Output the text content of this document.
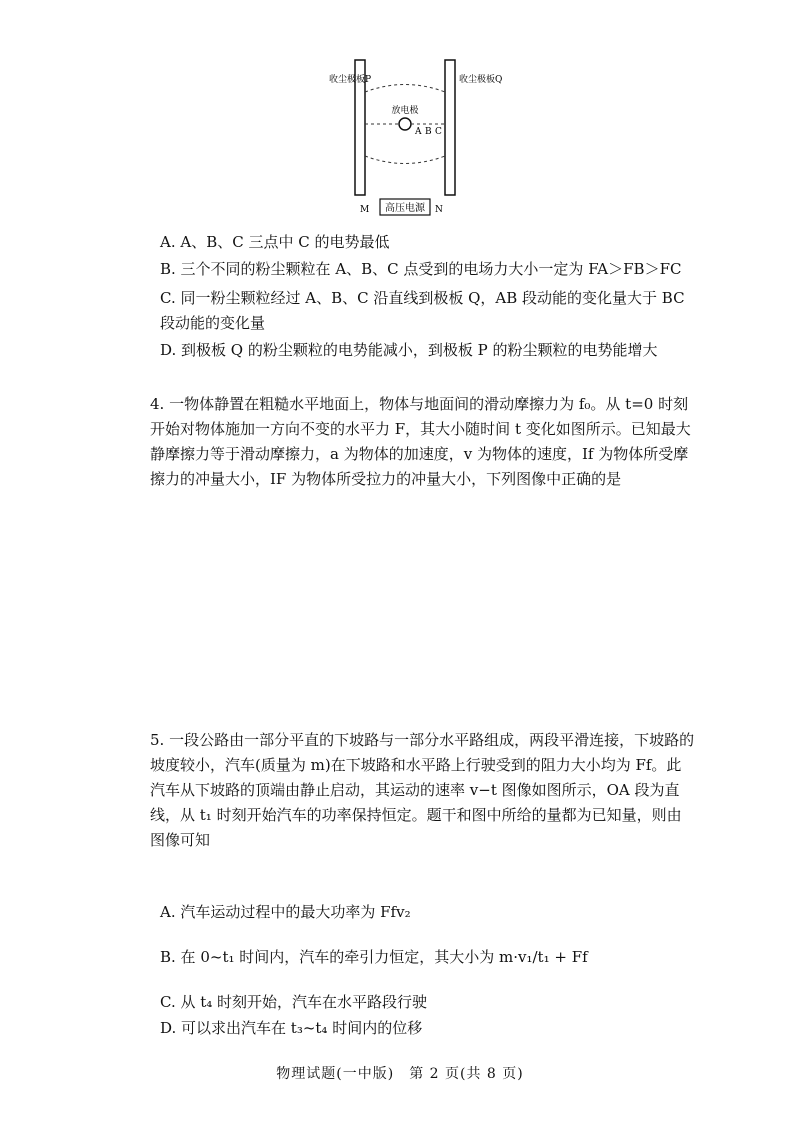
高压电源
放电极
A B C
M	N
收尘极板P	收尘极板Q
A. A、B、C 三点中 C 的电势最低
B. 三个不同的粉尘颗粒在 A、B、C 点受到的电场力大小一定为 FA＞FB＞FC
C. 同一粉尘颗粒经过 A、B、C 沿直线到极板 Q，AB 段动能的变化量大于 BC 段动能的变化量
D. 到极板 Q 的粉尘颗粒的电势能减小，到极板 P 的粉尘颗粒的电势能增大
4. 一物体静置在粗糙水平地面上，物体与地面间的滑动摩擦力为 f₀。从 t=0 时刻开始对物体施加一方向不变的水平力 F，其大小随时间 t 变化如图所示。已知最大静摩擦力等于滑动摩擦力，a 为物体的加速度，v 为物体的速度，If 为物体所受摩擦力的冲量大小，IF 为物体所受拉力的冲量大小，下列图像中正确的是
5. 一段公路由一部分平直的下坡路与一部分水平路组成，两段平滑连接，下坡路的坡度较小，汽车(质量为 m)在下坡路和水平路上行驶受到的阻力大小均为 Ff。此汽车从下坡路的顶端由静止启动，其运动的速率 v−t 图像如图所示，OA 段为直线，从 t₁ 时刻开始汽车的功率保持恒定。题干和图中所给的量都为已知量，则由图像可知
A. 汽车运动过程中的最大功率为 Ffv₂
B. 在 0~t₁ 时间内，汽车的牵引力恒定，其大小为 m·v₁/t₁ + Ff
C. 从 t₄ 时刻开始，汽车在水平路段行驶
D. 可以求出汽车在 t₃~t₄ 时间内的位移
物理试题(一中版)　第 2 页(共 8 页)
